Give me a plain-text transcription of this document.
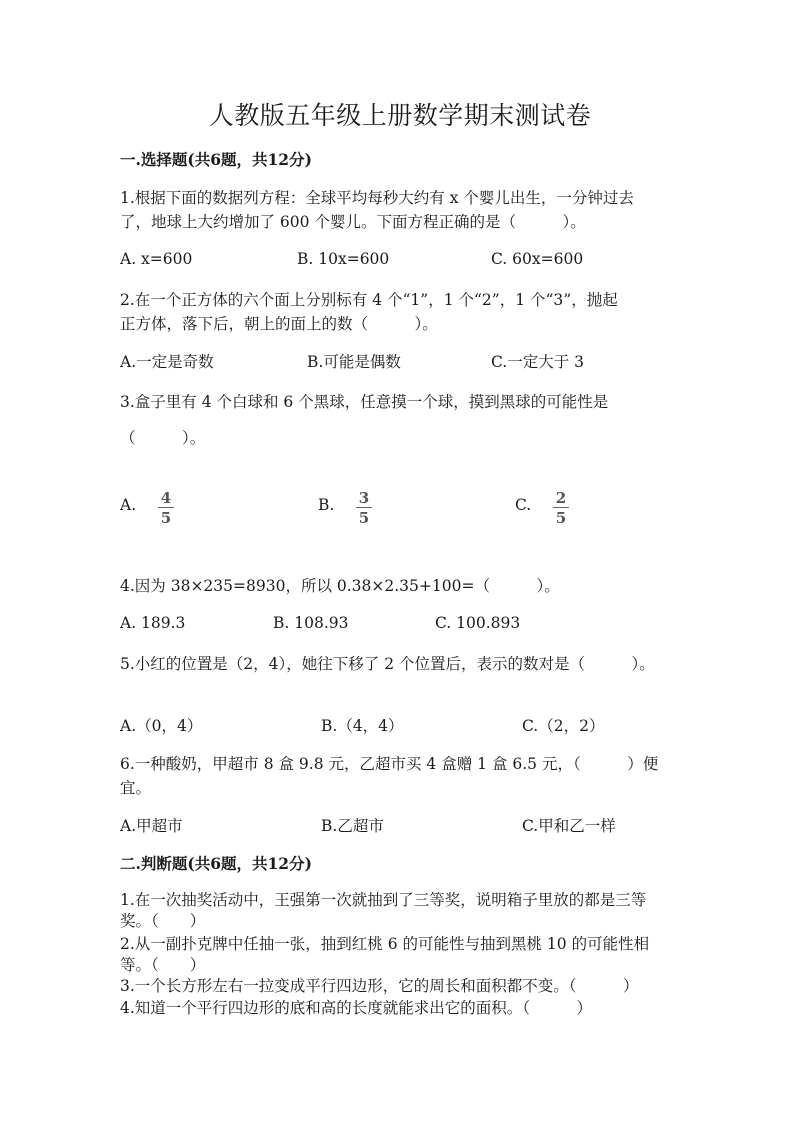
人教版五年级上册数学期末测试卷
一.选择题(共6题，共12分)
1.根据下面的数据列方程：全球平均每秒大约有 x 个婴儿出生，一分钟过去
了，地球上大约增加了 600 个婴儿。下面方程正确的是（　　　）。
A. x=600	B. 10x=600	C. 60x=600
2.在一个正方体的六个面上分别标有 4 个“1”，1 个“2”，1 个“3”，抛起
正方体，落下后，朝上的面上的数（　　　）。
A.一定是奇数	B.可能是偶数	C.一定大于 3
3.盒子里有 4 个白球和 6 个黑球，任意摸一个球，摸到黑球的可能性是
（　　　）。
A. 4
5
B. 3
5
C. 2
5
4.因为 38×235=8930，所以 0.38×2.35+100=（　　　）。
A. 189.3	B. 108.93	C. 100.893
5.小红的位置是（2，4），她往下移了 2 个位置后，表示的数对是（　　　）。
A.（0，4）	B.（4，4）	C.（2，2）
6.一种酸奶，甲超市 8 盒 9.8 元，乙超市买 4 盒赠 1 盒 6.5 元，（　　　）便
宜。
A.甲超市	B.乙超市	C.甲和乙一样
二.判断题(共6题，共12分)
1.在一次抽奖活动中，王强第一次就抽到了三等奖，说明箱子里放的都是三等
奖。（　　）
2.从一副扑克牌中任抽一张，抽到红桃 6 的可能性与抽到黑桃 10 的可能性相
等。（　　）
3.一个长方形左右一拉变成平行四边形，它的周长和面积都不变。（　　　）
4.知道一个平行四边形的底和高的长度就能求出它的面积。（　　　）
